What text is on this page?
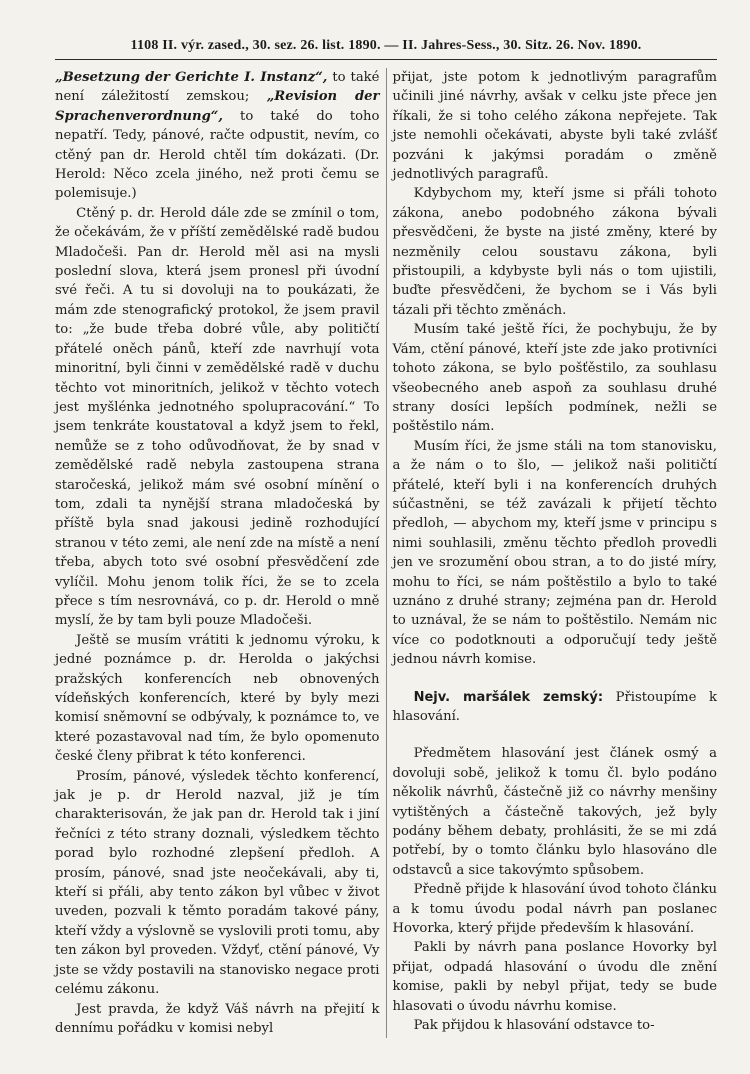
1108 II. výr. zased., 30. sez. 26. list. 1890. — II. Jahres-Sess., 30. Sitz. 26. Nov. 1890.

„Besetzung der Gerichte I. Instanz“, to také není záležitostí zemskou; „Revision der Sprachenverordnung“, to také do toho nepatří. Tedy, pánové, račte odpustit, nevím, co ctěný pan dr. Herold chtěl tím dokázati. (Dr. Herold: Něco zcela jiného, než proti čemu se polemisuje.)

Ctěný p. dr. Herold dále zde se zmínil o tom, že očekávám, že v příští zemědělské radě budou Mladočeši. Pan dr. Herold měl asi na mysli poslední slova, která jsem pronesl při úvodní své řeči. A tu si dovoluji na to poukázati, že mám zde stenografický protokol, že jsem pravil to: „že bude třeba dobré vůle, aby političtí přátelé oněch pánů, kteří zde navrhují vota minoritní, byli činni v zemědělské radě v duchu těchto vot minoritních, jelikož v těchto votech jest myšlénka jednotného spolupracování.“ To jsem tenkráte koustatoval a když jsem to řekl, nemůže se z toho odůvodňovat, že by snad v zemědělské radě nebyla zastoupena strana staročeská, jelikož mám své osobní mínění o tom, zdali ta nynější strana mladočeská by příště byla snad jakousi jedině rozhodující stranou v této zemi, ale není zde na místě a není třeba, abych toto své osobní přesvědčení zde vylíčil. Mohu jenom tolik říci, že se to zcela přece s tím nesrovnává, co p. dr. Herold o mně myslí, že by tam byli pouze Mladočeši.

Ještě se musím vrátiti k jednomu výroku, k jedné poznámce p. dr. Herolda o jakýchsi pražských konferencích neb obnovených vídeňských konferencích, které by byly mezi komisí sněmovní se odbývaly, k poznámce to, ve které pozastavoval nad tím, že bylo opomenuto české členy přibrat k této konferenci.

Prosím, pánové, výsledek těchto konferencí, jak je p. dr Herold nazval, již je tím charakterisován, že jak pan dr. Herold tak i jiní řečníci z této strany doznali, výsledkem těchto porad bylo rozhodné zlepšení předloh. A prosím, pánové, snad jste neočekávali, aby ti, kteří si přáli, aby tento zákon byl vůbec v život uveden, pozvali k těmto poradám takové pány, kteří vždy a výslovně se vyslovili proti tomu, aby ten zákon byl proveden. Vždyť, ctění pánové, Vy jste se vždy postavili na stanovisko negace proti celému zákonu.

Jest pravda, že když Váš návrh na přejití k dennímu pořádku v komisi nebyl

přijat, jste potom k jednotlivým paragrafům učinili jiné návrhy, avšak v celku jste přece jen říkali, že si toho celého zákona nepřejete. Tak jste nemohli očekávati, abyste byli také zvlášť pozváni k jakýmsi poradám o změně jednotlivých paragrafů.

Kdybychom my, kteří jsme si přáli tohoto zákona, anebo podobného zákona bývali přesvědčeni, že byste na jisté změny, které by nezměnily celou soustavu zákona, byli přistoupili, a kdybyste byli nás o tom ujistili, buďte přesvědčeni, že bychom se i Vás byli tázali při těchto změnách.

Musím také ještě říci, že pochybuju, že by Vám, ctění pánové, kteří jste zde jako protivníci tohoto zákona, se bylo pošťěstilo, za souhlasu všeobecného aneb aspoň za souhlasu druhé strany dosíci lepších podmínek, nežli se poštěstilo nám.

Musím říci, že jsme stáli na tom stanovisku, a že nám o to šlo, — jelikož naši političtí přátelé, kteří byli i na konferencích druhých súčastněni, se též zavázali k přijetí těchto předloh, — abychom my, kteří jsme v principu s nimi souhlasili, změnu těchto předloh provedli jen ve srozumění obou stran, a to do jisté míry, mohu to říci, se nám poštěstilo a bylo to také uznáno z druhé strany; zejména pan dr. Herold to uznával, že se nám to poštěstilo. Nemám nic více co podotknouti a odporučují tedy ještě jednou návrh komise.

Nejv. maršálek zemský: Přistoupíme k hlasování.

Předmětem hlasování jest článek osmý a dovoluji sobě, jelikož k tomu čl. bylo podáno několik návrhů, částečně již co návrhy menšiny vytištěných a částečně takových, jež byly podány během debaty, prohlásiti, že se mi zdá potřebí, by o tomto článku bylo hlasováno dle odstavců a sice takovýmto spůsobem.

Předně přijde k hlasování úvod tohoto článku a k tomu úvodu podal návrh pan poslanec Hovorka, který přijde především k hlasování.

Pakli by návrh pana poslance Hovorky byl přijat, odpadá hlasování o úvodu dle znění komise, pakli by nebyl přijat, tedy se bude hlasovati o úvodu návrhu komise.

Pak přijdou k hlasování odstavce to-
